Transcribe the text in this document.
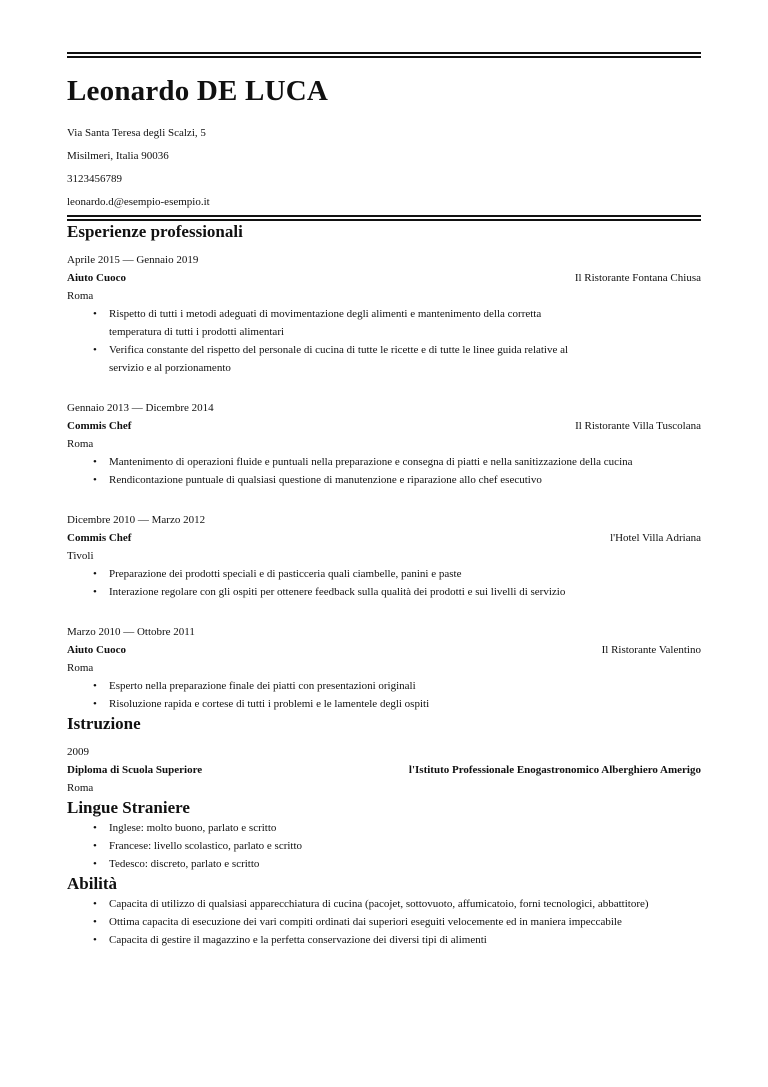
Leonardo DE LUCA
Via Santa Teresa degli Scalzi, 5
Misilmeri, Italia 90036
3123456789
leonardo.d@esempio-esempio.it
Esperienze professionali
Aprile 2015 — Gennaio 2019
Aiuto Cuoco	Il Ristorante Fontana Chiusa
Roma
• Rispetto di tutti i metodi adeguati di movimentazione degli alimenti e mantenimento della corretta temperatura di tutti i prodotti alimentari
• Verifica constante del rispetto del personale di cucina di tutte le ricette e di tutte le linee guida relative al servizio e al porzionamento
Gennaio 2013 — Dicembre 2014
Commis Chef	Il Ristorante Villa Tuscolana
Roma
• Mantenimento di operazioni fluide e puntuali nella preparazione e consegna di piatti e nella sanitizzazione della cucina
• Rendicontazione puntuale di qualsiasi questione di manutenzione e riparazione allo chef esecutivo
Dicembre 2010 — Marzo 2012
Commis Chef	l'Hotel Villa Adriana
Tivoli
• Preparazione dei prodotti speciali e di pasticceria quali ciambelle, panini e paste
• Interazione regolare con gli ospiti per ottenere feedback sulla qualità dei prodotti e sui livelli di servizio
Marzo 2010 — Ottobre 2011
Aiuto Cuoco	Il Ristorante Valentino
Roma
• Esperto nella preparazione finale dei piatti con presentazioni originali
• Risoluzione rapida e cortese di tutti i problemi e le lamentele degli ospiti
Istruzione
2009
Diploma di Scuola Superiore	l'Istituto Professionale Enogastronomico Alberghiero Amerigo
Roma
Lingue Straniere
• Inglese: molto buono, parlato e scritto
• Francese: livello scolastico, parlato e scritto
• Tedesco: discreto, parlato e scritto
Abilità
• Capacita di utilizzo di qualsiasi apparecchiatura di cucina (pacojet, sottovuoto, affumicatoio, forni tecnologici, abbattitore)
• Ottima capacita di esecuzione dei vari compiti ordinati dai superiori eseguiti velocemente ed in maniera impeccabile
• Capacita di gestire il magazzino e la perfetta conservazione dei diversi tipi di alimenti
